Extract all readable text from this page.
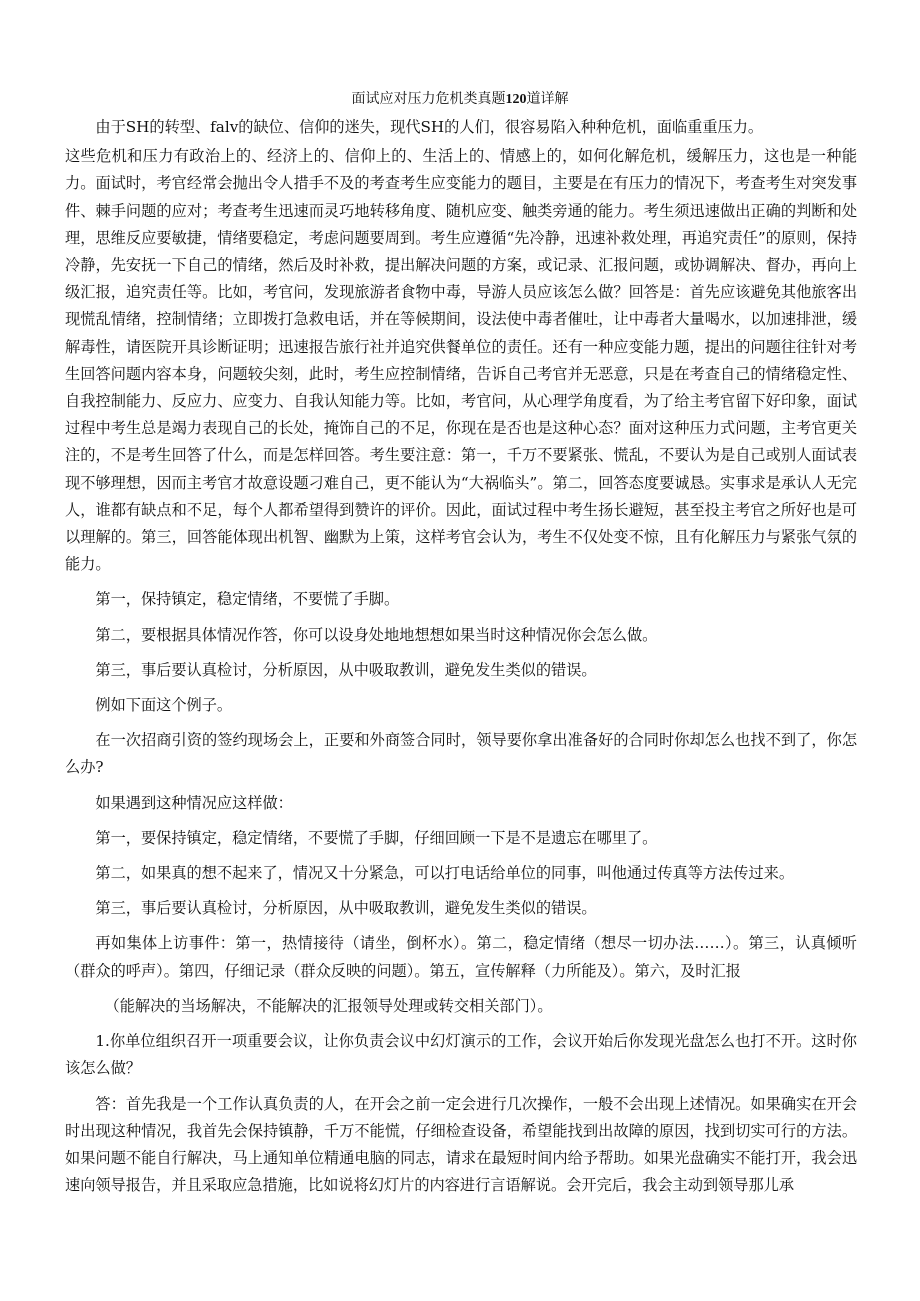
面试应对压力危机类真题120道详解

由于SH的转型、falv的缺位、信仰的迷失，现代SH的人们，很容易陷入种种危机，面临重重压力。

这些危机和压力有政治上的、经济上的、信仰上的、生活上的、情感上的，如何化解危机，缓解压力，这也是一种能力。面试时，考官经常会抛出令人措手不及的考查考生应变能力的题目，主要是在有压力的情况下，考查考生对突发事件、棘手问题的应对；考查考生迅速而灵巧地转移角度、随机应变、触类旁通的能力。考生须迅速做出正确的判断和处理，思维反应要敏捷，情绪要稳定，考虑问题要周到。考生应遵循“先冷静，迅速补救处理，再追究责任”的原则，保持冷静，先安抚一下自己的情绪，然后及时补救，提出解决问题的方案，或记录、汇报问题，或协调解决、督办，再向上级汇报，追究责任等。比如，考官问，发现旅游者食物中毒，导游人员应该怎么做？回答是：首先应该避免其他旅客出现慌乱情绪，控制情绪；立即拨打急救电话，并在等候期间，设法使中毒者催吐，让中毒者大量喝水，以加速排泄，缓解毒性，请医院开具诊断证明；迅速报告旅行社并追究供餐单位的责任。还有一种应变能力题，提出的问题往往针对考生回答问题内容本身，问题较尖刻，此时，考生应控制情绪，告诉自己考官并无恶意，只是在考查自己的情绪稳定性、自我控制能力、反应力、应变力、自我认知能力等。比如，考官问，从心理学角度看，为了给主考官留下好印象，面试过程中考生总是竭力表现自己的长处，掩饰自己的不足，你现在是否也是这种心态？面对这种压力式问题，主考官更关注的，不是考生回答了什么，而是怎样回答。考生要注意：第一，千万不要紧张、慌乱，不要认为是自己或别人面试表现不够理想，因而主考官才故意设题刁难自己，更不能认为“大祸临头”。第二，回答态度要诚恳。实事求是承认人无完人，谁都有缺点和不足，每个人都希望得到赞许的评价。因此，面试过程中考生扬长避短，甚至投主考官之所好也是可以理解的。第三，回答能体现出机智、幽默为上策，这样考官会认为，考生不仅处变不惊，且有化解压力与紧张气氛的能力。

第一，保持镇定，稳定情绪，不要慌了手脚。

第二，要根据具体情况作答，你可以设身处地地想想如果当时这种情况你会怎么做。

第三，事后要认真检讨，分析原因，从中吸取教训，避免发生类似的错误。

例如下面这个例子。

在一次招商引资的签约现场会上，正要和外商签合同时，领导要你拿出准备好的合同时你却怎么也找不到了，你怎么办?

如果遇到这种情况应这样做：

第一，要保持镇定，稳定情绪，不要慌了手脚，仔细回顾一下是不是遗忘在哪里了。

第二，如果真的想不起来了，情况又十分紧急，可以打电话给单位的同事，叫他通过传真等方法传过来。

第三，事后要认真检讨，分析原因，从中吸取教训，避免发生类似的错误。

再如集体上访事件：第一，热情接待（请坐，倒杯水）。第二，稳定情绪（想尽一切办法……）。第三，认真倾听（群众的呼声）。第四，仔细记录（群众反映的问题）。第五，宣传解释（力所能及）。第六，及时汇报

（能解决的当场解决，不能解决的汇报领导处理或转交相关部门）。

1.你单位组织召开一项重要会议，让你负责会议中幻灯演示的工作，会议开始后你发现光盘怎么也打不开。这时你该怎么做？

答：首先我是一个工作认真负责的人，在开会之前一定会进行几次操作，一般不会出现上述情况。如果确实在开会时出现这种情况，我首先会保持镇静，千万不能慌，仔细检查设备，希望能找到出故障的原因，找到切实可行的方法。如果问题不能自行解决，马上通知单位精通电脑的同志，请求在最短时间内给予帮助。如果光盘确实不能打开，我会迅速向领导报告，并且采取应急措施，比如说将幻灯片的内容进行言语解说。会开完后，我会主动到领导那儿承
